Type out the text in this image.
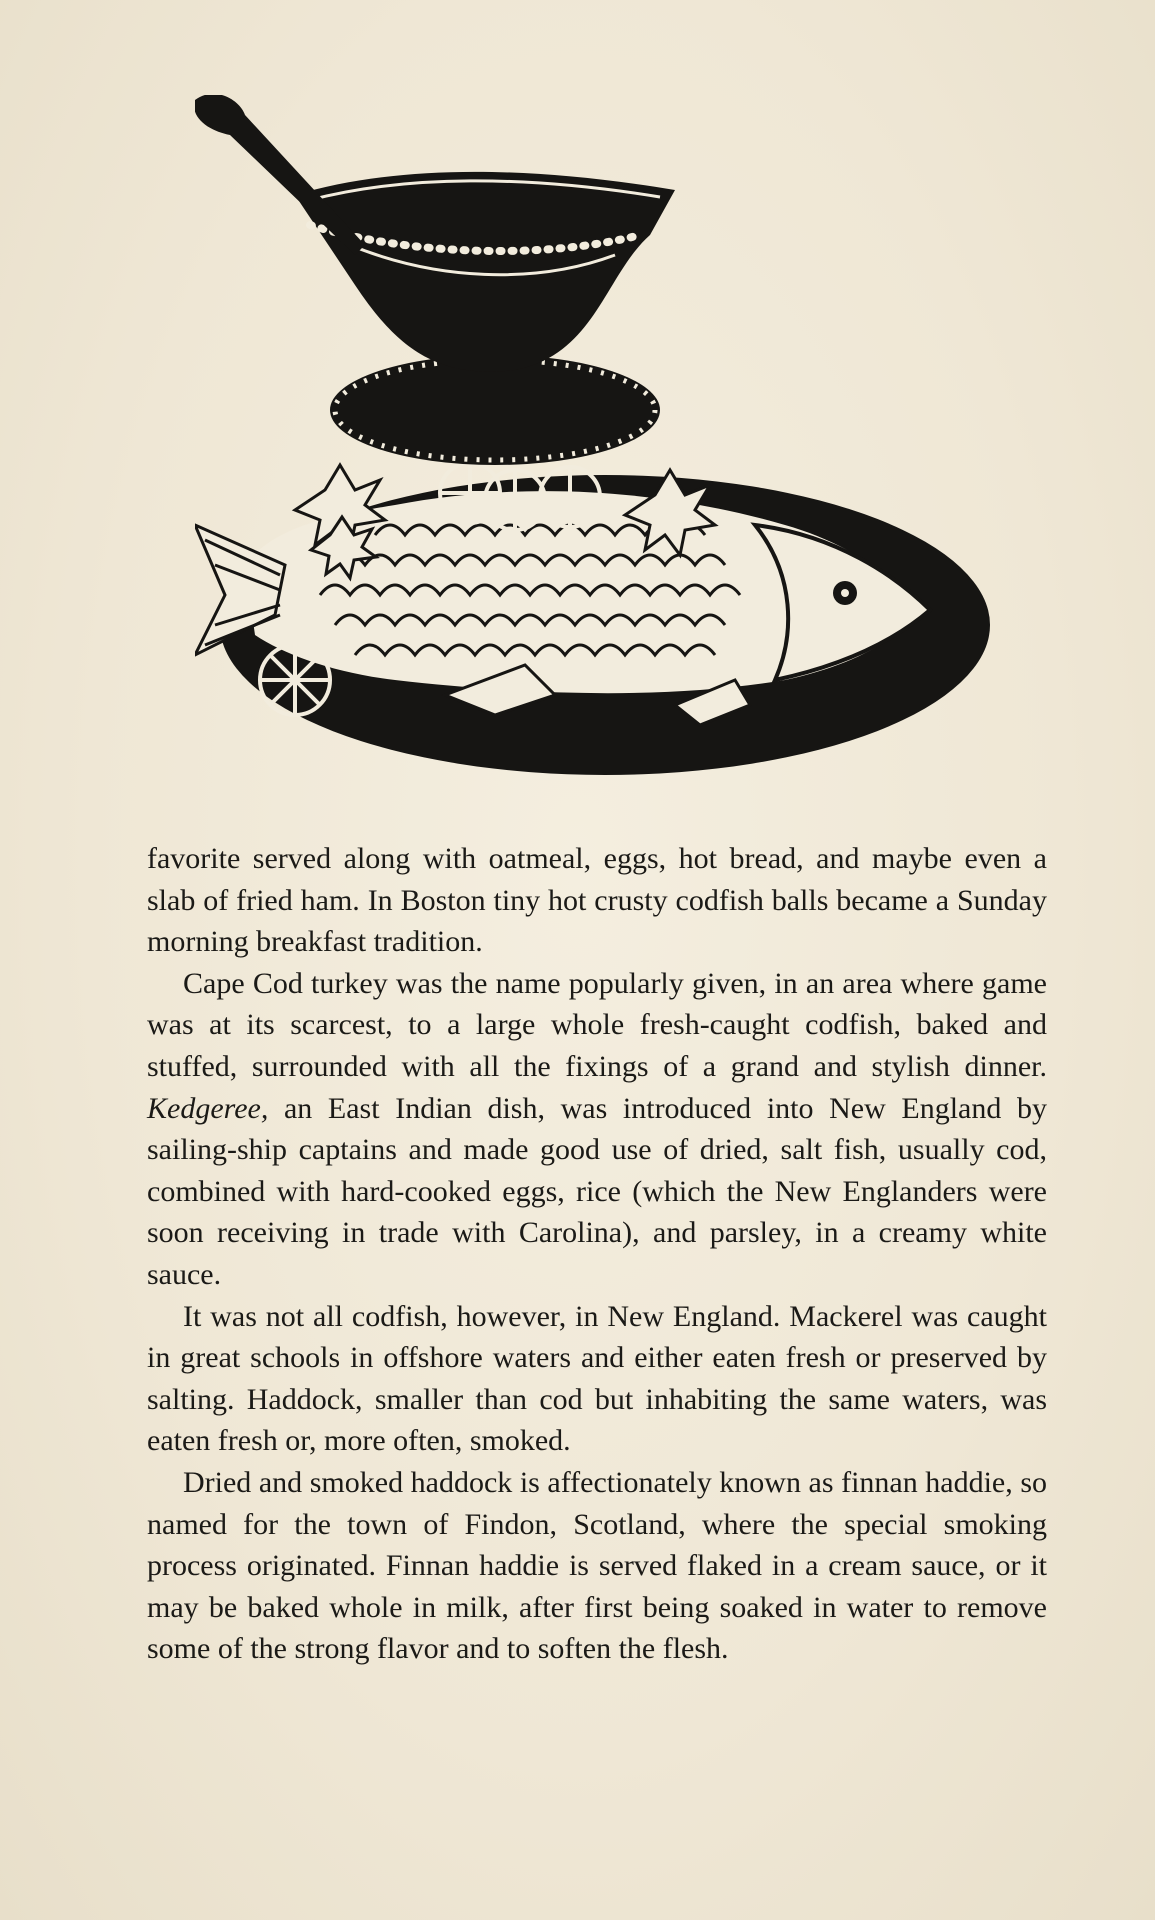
favorite served along with oatmeal, eggs, hot bread, and maybe even a slab of fried ham. In Boston tiny hot crusty codfish balls became a Sunday morning breakfast tradition.

Cape Cod turkey was the name popularly given, in an area where game was at its scarcest, to a large whole fresh-caught codfish, baked and stuffed, surrounded with all the fixings of a grand and stylish dinner. Kedgeree, an East Indian dish, was introduced into New England by sailing-ship captains and made good use of dried, salt fish, usually cod, combined with hard-cooked eggs, rice (which the New Englanders were soon receiving in trade with Carolina), and parsley, in a creamy white sauce.

It was not all codfish, however, in New England. Mackerel was caught in great schools in offshore waters and either eaten fresh or preserved by salting. Haddock, smaller than cod but inhabiting the same waters, was eaten fresh or, more often, smoked.

Dried and smoked haddock is affectionately known as finnan haddie, so named for the town of Findon, Scotland, where the special smoking process originated. Finnan haddie is served flaked in a cream sauce, or it may be baked whole in milk, after first being soaked in water to remove some of the strong flavor and to soften the flesh.
